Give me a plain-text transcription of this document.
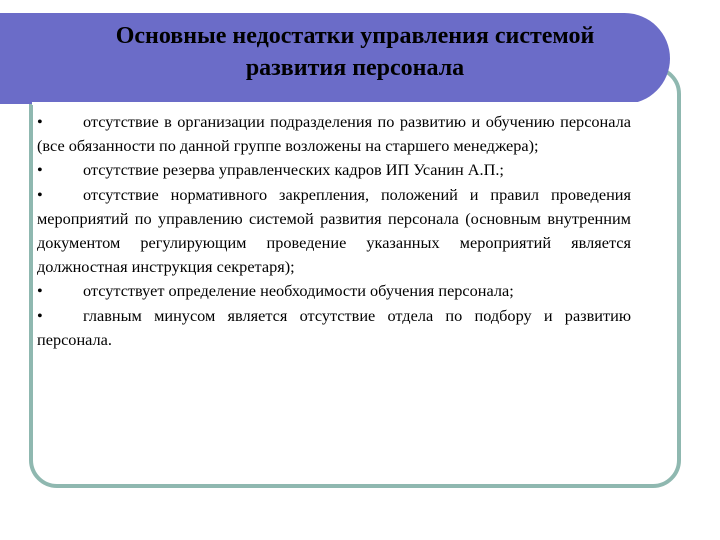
Основные недостатки управления системой развития персонала

• отсутствие в организации подразделения по развитию и обучению персонала (все обязанности по данной группе возложены на старшего менеджера);

• отсутствие резерва управленческих кадров ИП Усанин А.П.;

• отсутствие нормативного закрепления, положений и правил проведения мероприятий по управлению системой развития персонала (основным внутренним документом регулирующим проведение указанных мероприятий является должностная инструкция секретаря);

• отсутствует определение необходимости обучения персонала;

• главным минусом является отсутствие отдела по подбору и развитию персонала.
